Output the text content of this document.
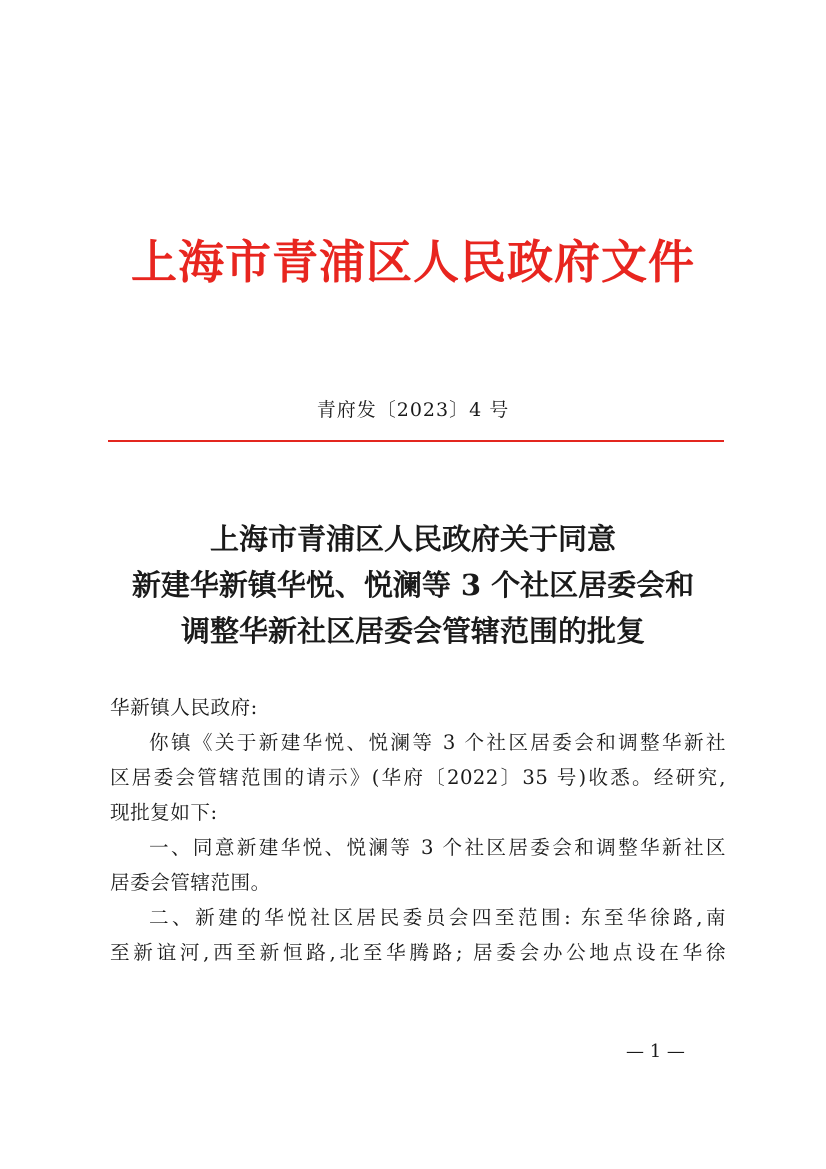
上海市青浦区人民政府文件
青府发〔2023〕4 号
上海市青浦区人民政府关于同意
新建华新镇华悦、悦澜等 3 个社区居委会和
调整华新社区居委会管辖范围的批复

华新镇人民政府:

你镇《关于新建华悦、悦澜等 3 个社区居委会和调整华新社
区居委会管辖范围的请示》(华府〔2022〕35 号)收悉。经研究,
现批复如下:

一、同意新建华悦、悦澜等 3 个社区居委会和调整华新社区
居委会管辖范围。

二、新建的华悦社区居民委员会四至范围: 东至华徐路,南
至新谊河,西至新恒路,北至华腾路; 居委会办公地点设在华徐

— 1 —
